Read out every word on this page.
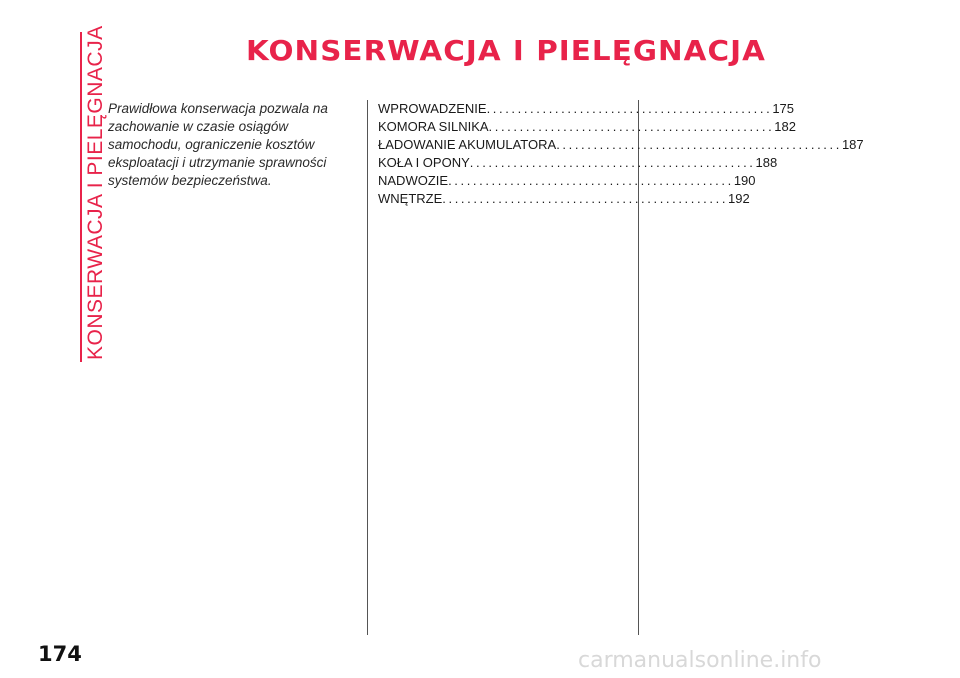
KONSERWACJA I PIELĘGNACJA	KONSERWACJA I PIELĘGNACJA

Prawidłowa konserwacja pozwala na zachowanie w czasie osiągów samochodu, ograniczenie kosztów eksploatacji i utrzymanie sprawności systemów bezpieczeństwa.

WPROWADZENIE .............................................. 175
KOMORA SILNIKA .............................................. 182
ŁADOWANIE AKUMULATORA .............................................. 187
KOŁA I OPONY .............................................. 188
NADWOZIE .............................................. 190
WNĘTRZE .............................................. 192
174	carmanualsonline.info
